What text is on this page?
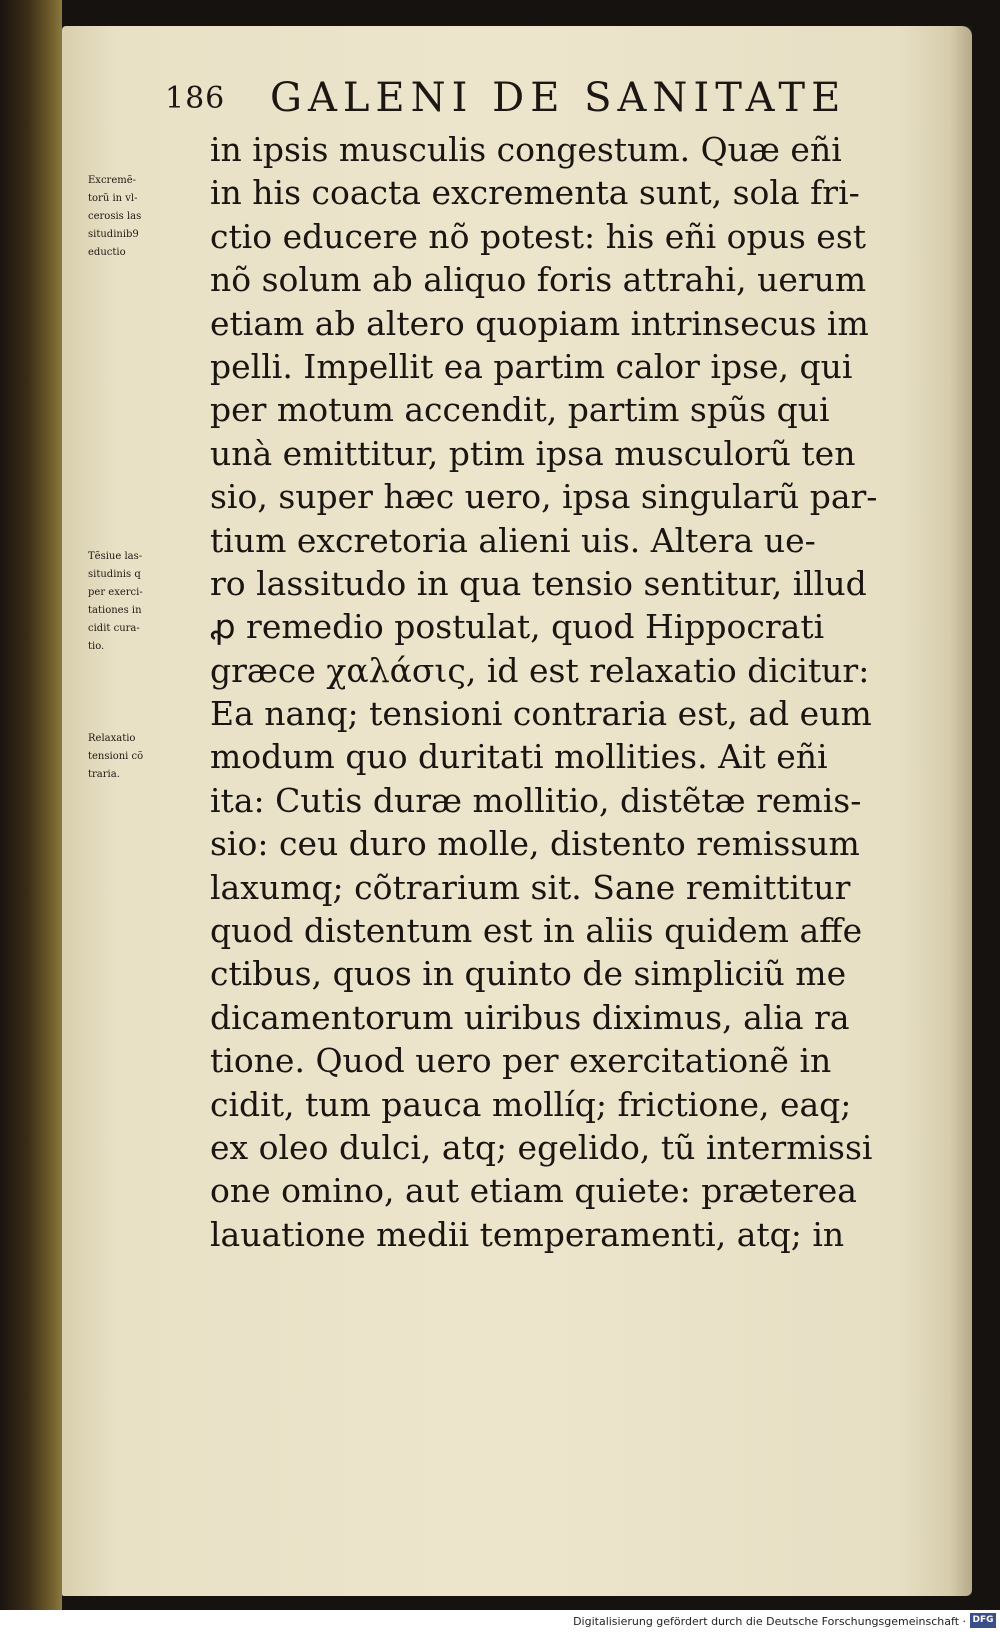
186 GALENI DE SANITATE
Excremẽ-
torũ in vl-
cerosis las
situdinib9
eductio
Tẽsiue las-
situdinis q
per exerci-
tationes in
cidit cura-
tio.
Relaxatio
tensioni cõ
traria.
in ipsis musculis congestum. Quæ eñi
in his coacta excrementa sunt, sola fri-
ctio educere nõ potest: his eñi opus est
nõ solum ab aliquo foris attrahi, uerum
etiam ab altero quopiam intrinsecus im
pelli. Impellit ea partim calor ipse, qui
per motum accendit, partim spũs qui
unà emittitur, ptim ipsa musculorũ ten
sio, super hæc uero, ipsa singularũ par-
tium excretoria alieni uis. Altera ue-
ro lassitudo in qua tensio sentitur, illud
ꝓ remedio postulat, quod Hippocrati
græce χαλάσις, id est relaxatio dicitur:
Ea nanq; tensioni contraria est, ad eum
modum quo duritati mollities. Ait eñi
ita: Cutis duræ mollitio, distẽtæ remis-
sio: ceu duro molle, distento remissum
laxumq; cõtrarium sit. Sane remittitur
quod distentum est in aliis quidem affe
ctibus, quos in quinto de simpliciũ me
dicamentorum uiribus diximus, alia ra
tione. Quod uero per exercitationẽ in
cidit, tum pauca mollíq; frictione, eaq;
ex oleo dulci, atq; egelido, tũ intermissi
one omino, aut etiam quiete: præterea
lauatione medii temperamenti, atq; in
Digitalisierung gefördert durch die Deutsche Forschungsgemeinschaft · DFG
